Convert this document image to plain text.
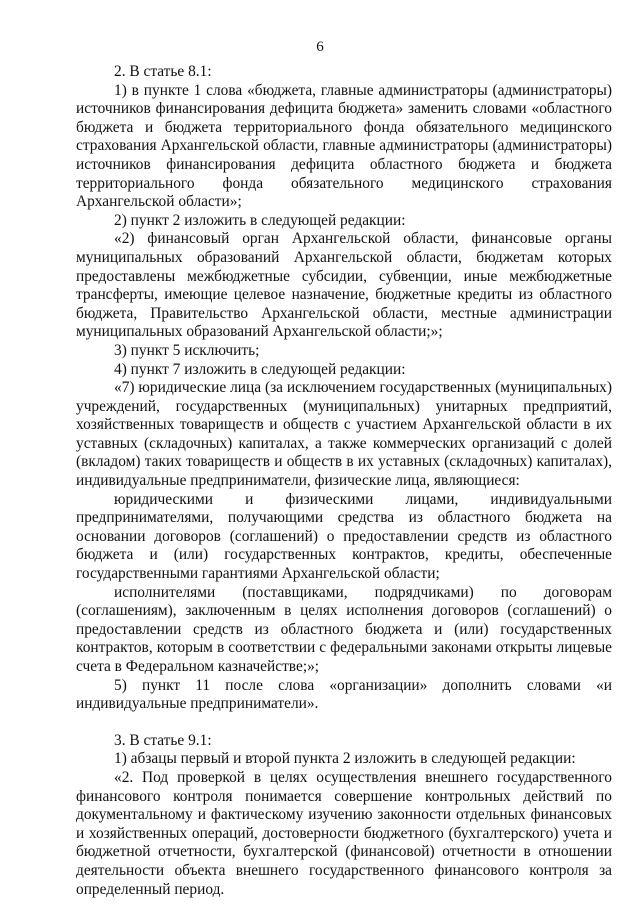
6

2. В статье 8.1:

1) в пункте 1 слова «бюджета, главные администраторы (администраторы) источников финансирования дефицита бюджета» заменить словами «областного бюджета и бюджета территориального фонда обязательного медицинского страхования Архангельской области, главные администраторы (администраторы) источников финансирования дефицита областного бюджета и бюджета территориального фонда обязательного медицинского страхования Архангельской области»;

2) пункт 2 изложить в следующей редакции:

«2) финансовый орган Архангельской области, финансовые органы муниципальных образований Архангельской области, бюджетам которых предоставлены межбюджетные субсидии, субвенции, иные межбюджетные трансферты, имеющие целевое назначение, бюджетные кредиты из областного бюджета, Правительство Архангельской области, местные администрации муниципальных образований Архангельской области;»;

3) пункт 5 исключить;

4) пункт 7 изложить в следующей редакции:

«7) юридические лица (за исключением государственных (муниципальных) учреждений, государственных (муниципальных) унитарных предприятий, хозяйственных товариществ и обществ с участием Архангельской области в их уставных (складочных) капиталах, а также коммерческих организаций с долей (вкладом) таких товариществ и обществ в их уставных (складочных) капиталах), индивидуальные предприниматели, физические лица, являющиеся:

юридическими и физическими лицами, индивидуальными предпринимателями, получающими средства из областного бюджета на основании договоров (соглашений) о предоставлении средств из областного бюджета и (или) государственных контрактов, кредиты, обеспеченные государственными гарантиями Архангельской области;

исполнителями (поставщиками, подрядчиками) по договорам (соглашениям), заключенным в целях исполнения договоров (соглашений) о предоставлении средств из областного бюджета и (или) государственных контрактов, которым в соответствии с федеральными законами открыты лицевые счета в Федеральном казначействе;»;

5) пункт 11 после слова «организации» дополнить словами «и индивидуальные предприниматели».

3. В статье 9.1:

1) абзацы первый и второй пункта 2 изложить в следующей редакции:

«2. Под проверкой в целях осуществления внешнего государственного финансового контроля понимается совершение контрольных действий по документальному и фактическому изучению законности отдельных финансовых и хозяйственных операций, достоверности бюджетного (бухгалтерского) учета и бюджетной отчетности, бухгалтерской (финансовой) отчетности в отношении деятельности объекта внешнего государственного финансового контроля за определенный период.
